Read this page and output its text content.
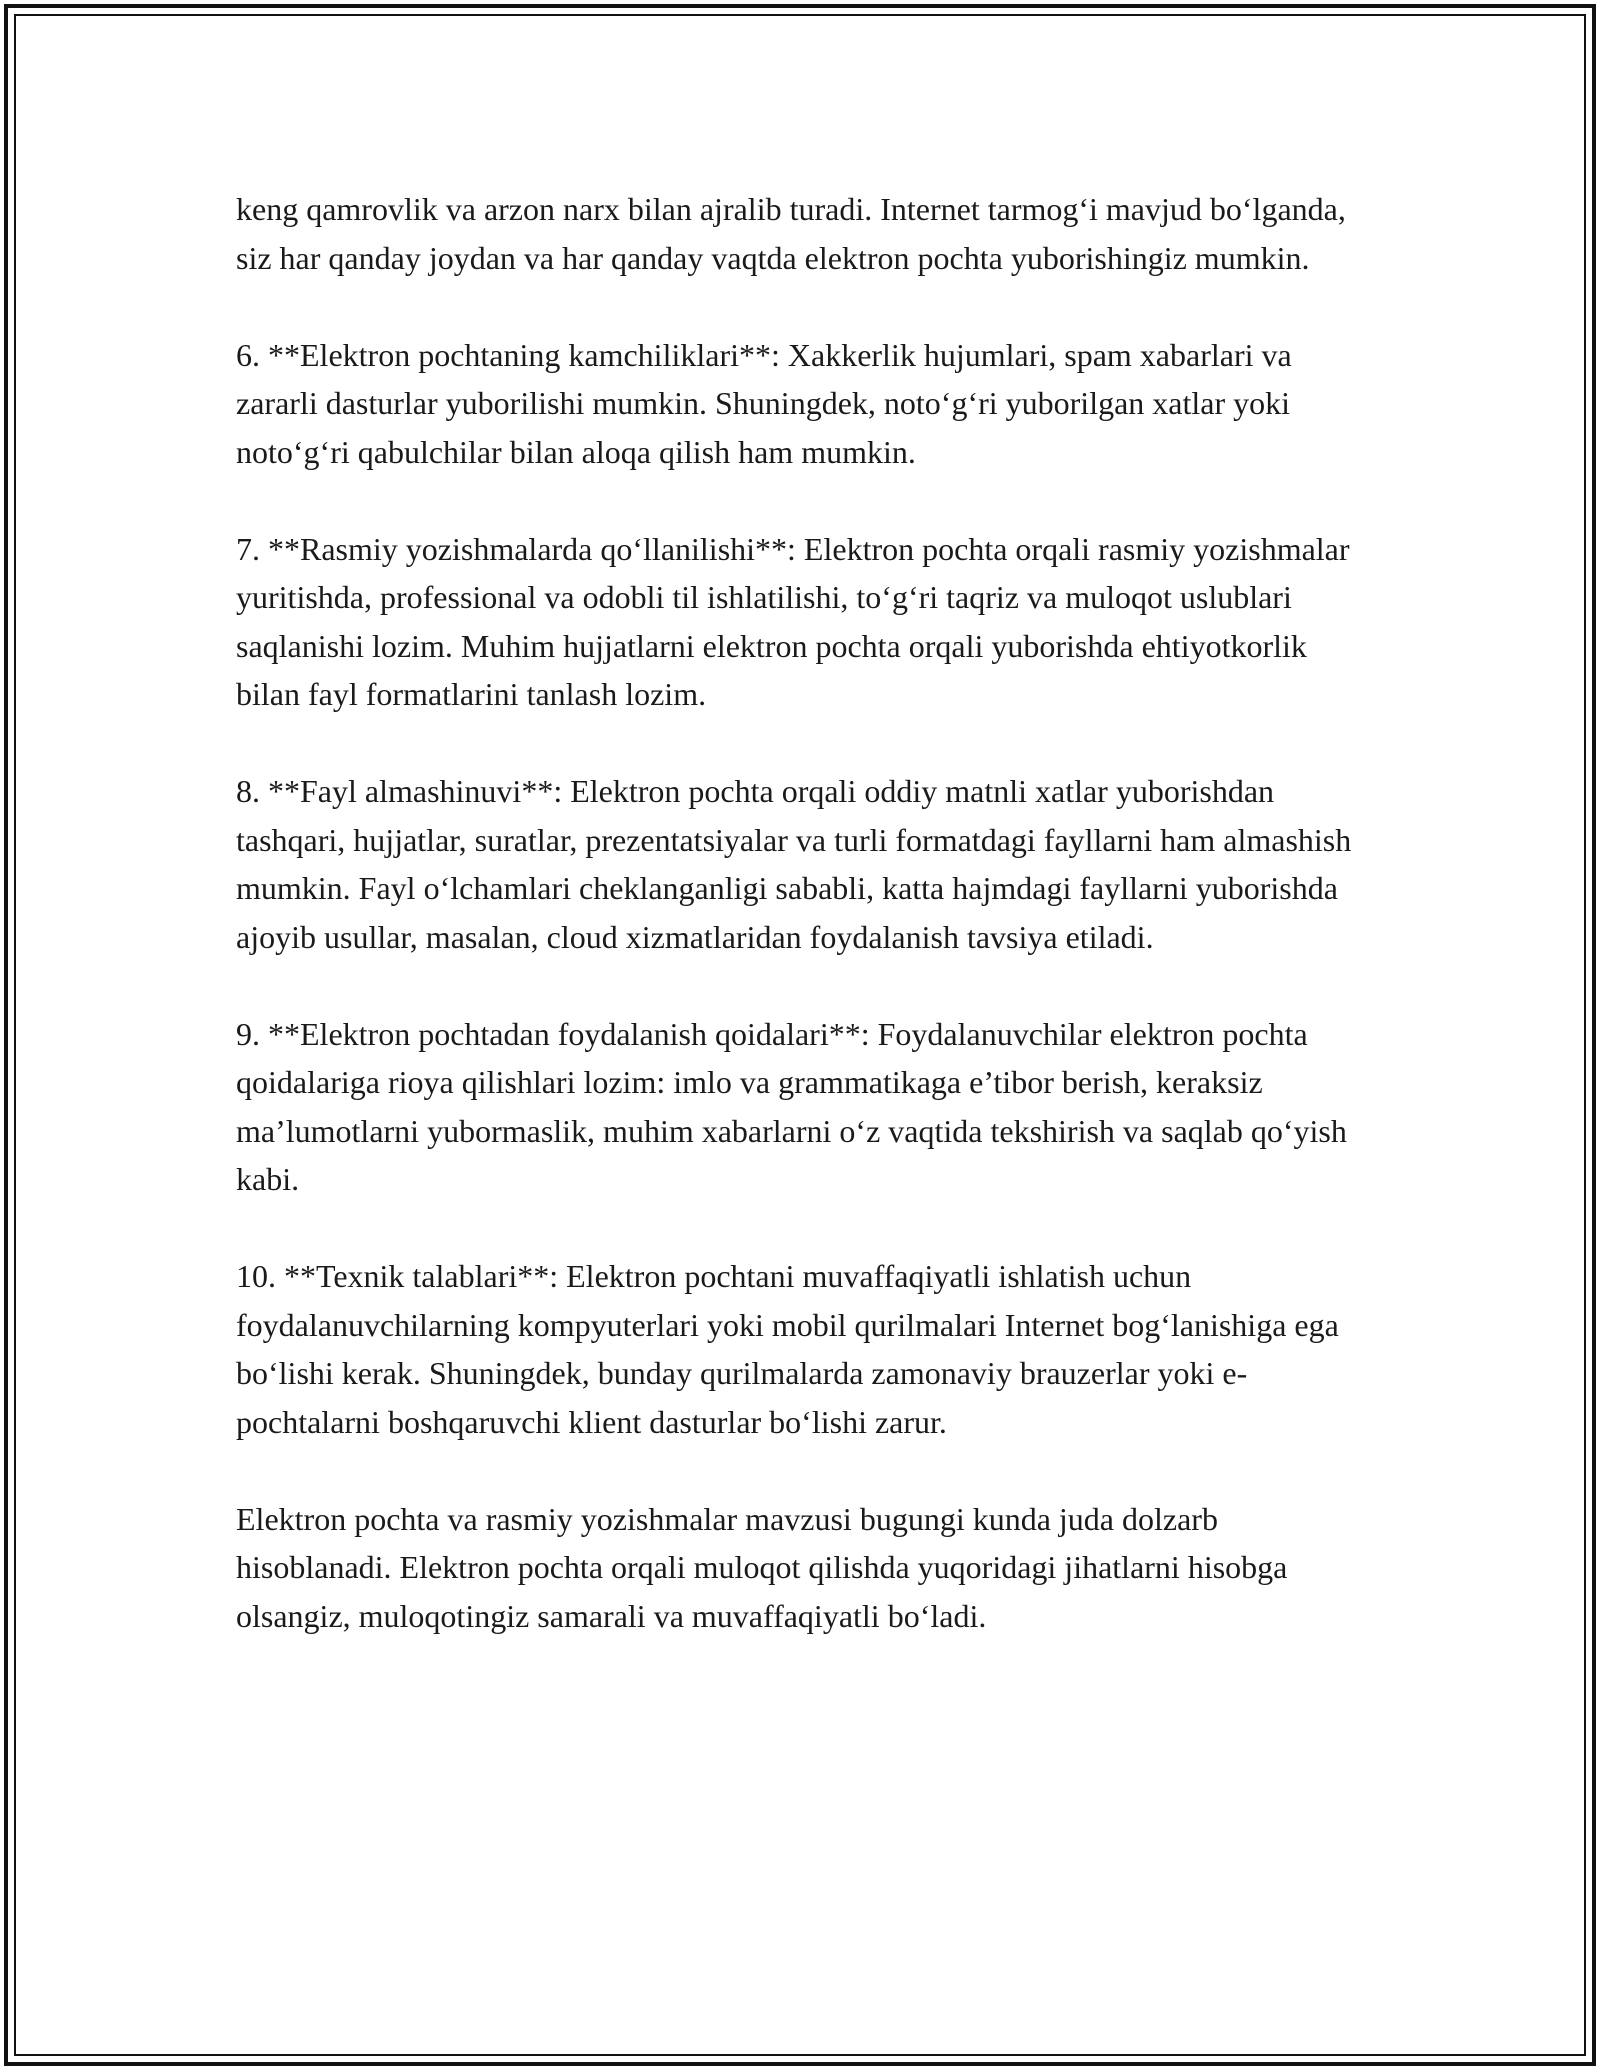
keng qamrovlik va arzon narx bilan ajralib turadi. Internet tarmog‘i mavjud bo‘lganda, siz har qanday joydan va har qanday vaqtda elektron pochta yuborishingiz mumkin.

6. **Elektron pochtaning kamchiliklari**: Xakkerlik hujumlari, spam xabarlari va zararli dasturlar yuborilishi mumkin. Shuningdek, noto‘g‘ri yuborilgan xatlar yoki noto‘g‘ri qabulchilar bilan aloqa qilish ham mumkin.

7. **Rasmiy yozishmalarda qo‘llanilishi**: Elektron pochta orqali rasmiy yozishmalar yuritishda, professional va odobli til ishlatilishi, to‘g‘ri taqriz va muloqot uslublari saqlanishi lozim. Muhim hujjatlarni elektron pochta orqali yuborishda ehtiyotkorlik bilan fayl formatlarini tanlash lozim.

8. **Fayl almashinuvi**: Elektron pochta orqali oddiy matnli xatlar yuborishdan tashqari, hujjatlar, suratlar, prezentatsiyalar va turli formatdagi fayllarni ham almashish mumkin. Fayl o‘lchamlari cheklanganligi sababli, katta hajmdagi fayllarni yuborishda ajoyib usullar, masalan, cloud xizmatlaridan foydalanish tavsiya etiladi.

9. **Elektron pochtadan foydalanish qoidalari**: Foydalanuvchilar elektron pochta qoidalariga rioya qilishlari lozim: imlo va grammatikaga e’tibor berish, keraksiz ma’lumotlarni yubormaslik, muhim xabarlarni o‘z vaqtida tekshirish va saqlab qo‘yish kabi.

10. **Texnik talablari**: Elektron pochtani muvaffaqiyatli ishlatish uchun foydalanuvchilarning kompyuterlari yoki mobil qurilmalari Internet bog‘lanishiga ega bo‘lishi kerak. Shuningdek, bunday qurilmalarda zamonaviy brauzerlar yoki e-pochtalarni boshqaruvchi klient dasturlar bo‘lishi zarur.

Elektron pochta va rasmiy yozishmalar mavzusi bugungi kunda juda dolzarb hisoblanadi. Elektron pochta orqali muloqot qilishda yuqoridagi jihatlarni hisobga olsangiz, muloqotingiz samarali va muvaffaqiyatli bo‘ladi.
